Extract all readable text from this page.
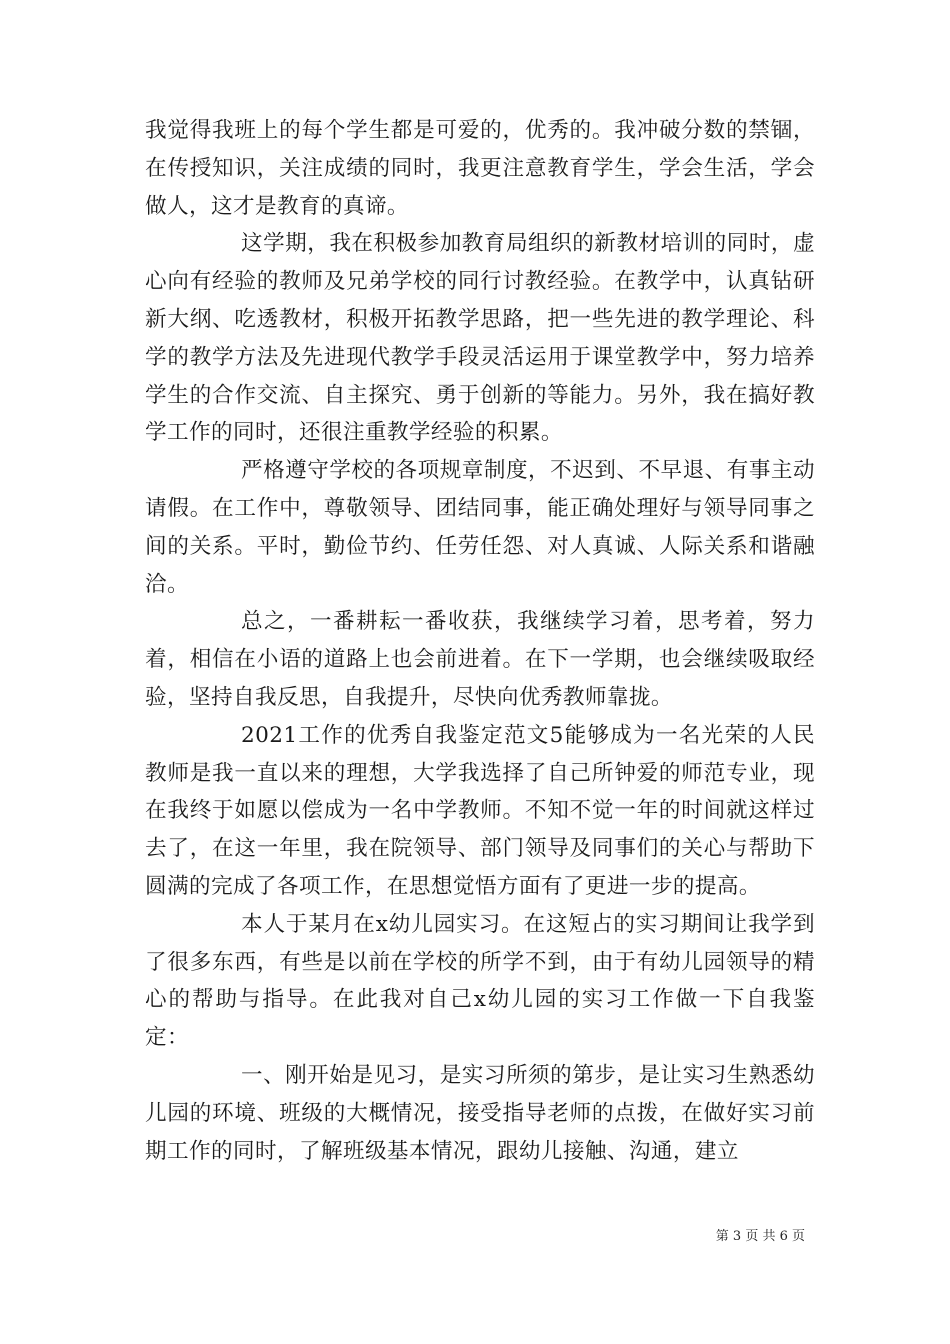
我觉得我班上的每个学生都是可爱的，优秀的。我冲破分数的禁锢，在传授知识，关注成绩的同时，我更注意教育学生，学会生活，学会做人，这才是教育的真谛。

这学期，我在积极参加教育局组织的新教材培训的同时，虚心向有经验的教师及兄弟学校的同行讨教经验。在教学中，认真钻研新大纲、吃透教材，积极开拓教学思路，把一些先进的教学理论、科学的教学方法及先进现代教学手段灵活运用于课堂教学中，努力培养学生的合作交流、自主探究、勇于创新的等能力。另外，我在搞好教学工作的同时，还很注重教学经验的积累。

严格遵守学校的各项规章制度，不迟到、不早退、有事主动请假。在工作中，尊敬领导、团结同事，能正确处理好与领导同事之间的关系。平时，勤俭节约、任劳任怨、对人真诚、人际关系和谐融洽。

总之，一番耕耘一番收获，我继续学习着，思考着，努力着，相信在小语的道路上也会前进着。在下一学期，也会继续吸取经验，坚持自我反思，自我提升，尽快向优秀教师靠拢。

2021工作的优秀自我鉴定范文5能够成为一名光荣的人民教师是我一直以来的理想，大学我选择了自己所钟爱的师范专业，现在我终于如愿以偿成为一名中学教师。不知不觉一年的时间就这样过去了，在这一年里，我在院领导、部门领导及同事们的关心与帮助下圆满的完成了各项工作，在思想觉悟方面有了更进一步的提高。

本人于某月在x幼儿园实习。在这短占的实习期间让我学到了很多东西，有些是以前在学校的所学不到，由于有幼儿园领导的精心的帮助与指导。在此我对自己x幼儿园的实习工作做一下自我鉴定：

一、刚开始是见习，是实习所须的第步，是让实习生熟悉幼儿园的环境、班级的大概情况，接受指导老师的点拨，在做好实习前期工作的同时，了解班级基本情况，跟幼儿接触、沟通，建立

第 3 页 共 6 页
